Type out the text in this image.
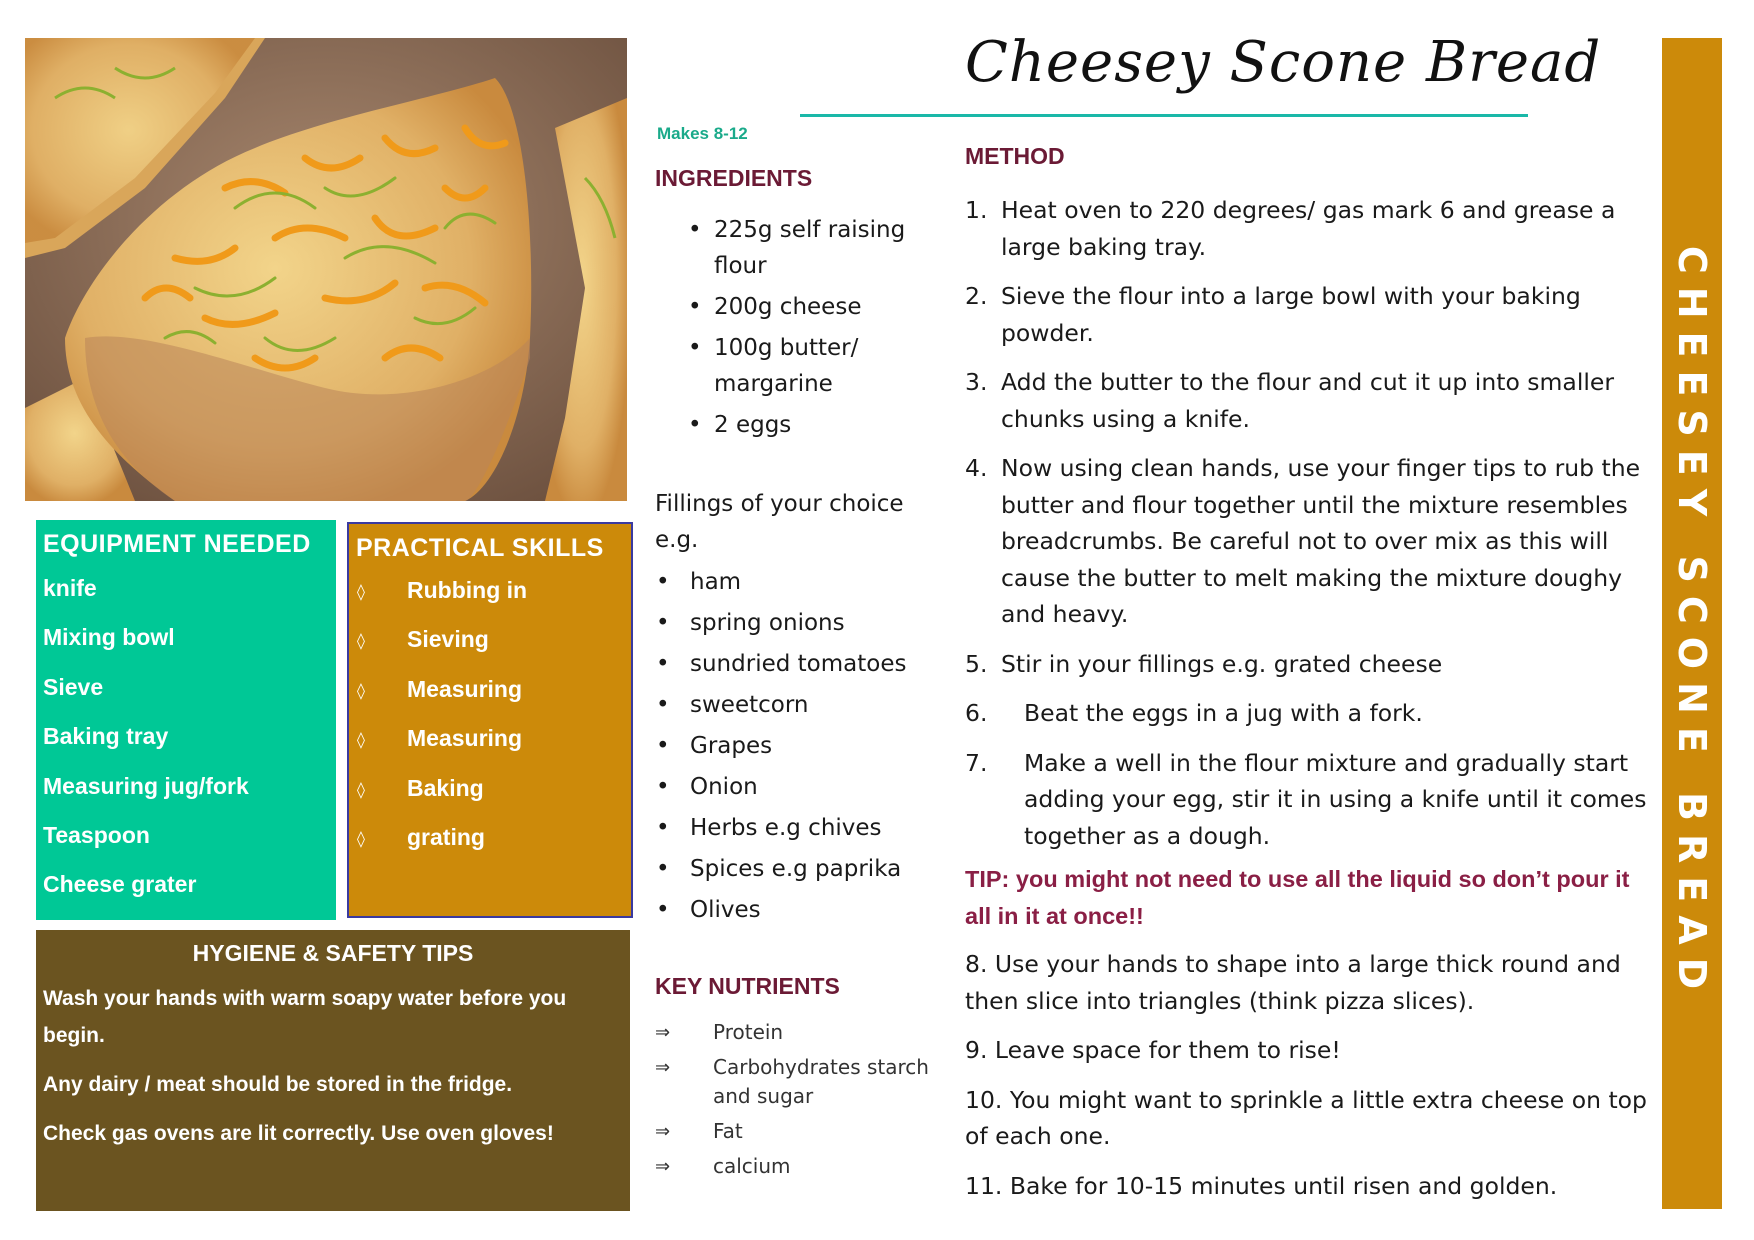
EQUIPMENT NEEDED
knife
Mixing bowl
Sieve
Baking tray
Measuring jug/fork
Teaspoon
Cheese grater
PRACTICAL SKILLS
◊	Rubbing in
◊	Sieving
◊	Measuring
◊	Measuring
◊	Baking
◊	grating
HYGIENE & SAFETY TIPS

Wash your hands with warm soapy water before you begin.

Any dairy / meat should be stored in the fridge.

Check gas ovens are lit correctly. Use oven gloves!

Makes 8-12
INGREDIENTS
• 225g self raising flour
• 200g cheese
• 100g butter/ margarine
• 2 eggs
Fillings of your choice e.g.
• ham
• spring onions
• sundried tomatoes
• sweetcorn
• Grapes
• Onion
• Herbs e.g chives
• Spices e.g paprika
• Olives
KEY NUTRIENTS
⇒	Protein
⇒	Carbohydrates starch and sugar
⇒	Fat
⇒	calcium
Cheesey Scone Bread
METHOD
1. Heat oven to 220 degrees/ gas mark 6 and grease a large baking tray.
2. Sieve the flour into a large bowl with your baking powder.
3. Add the butter to the flour and cut it up into smaller chunks using a knife.
4. Now using clean hands, use your finger tips to rub the butter and flour together until the mixture resembles breadcrumbs. Be careful not to over mix as this will cause the butter to melt making the mixture doughy and heavy.
5. Stir in your fillings e.g. grated cheese
6.	Beat the eggs in a jug with a fork.
7.	Make a well in the flour mixture and gradually start adding your egg, stir it in using a knife until it comes together as a dough.
TIP: you might not need to use all the liquid so don’t pour it all in it at once!!
8. Use your hands to shape into a large thick round and then slice into triangles (think pizza slices).
9. Leave space for them to rise!
10. You might want to sprinkle a little extra cheese on top of each one.
11. Bake for 10-15 minutes until risen and golden.
CHEESEY SCONE BREAD
